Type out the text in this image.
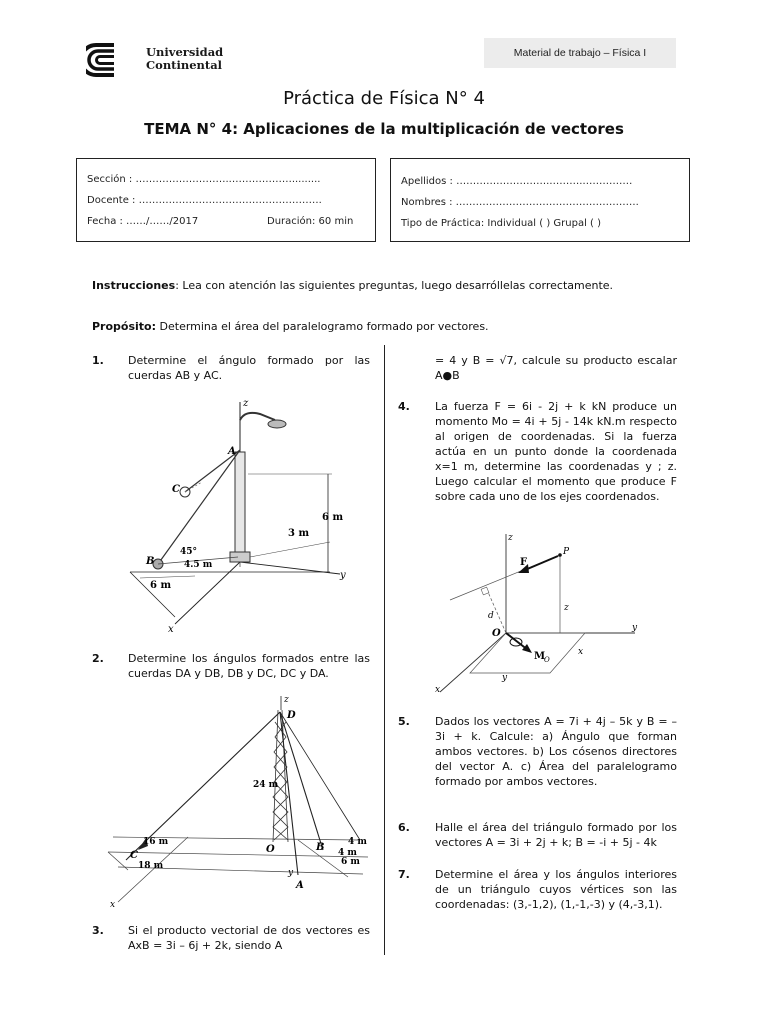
Universidad
Continental
Material de trabajo – Física I
Práctica de Física N° 4
TEMA N° 4: Aplicaciones de la multiplicación de vectores
Sección : ………………………..……………….........
Docente : ……………………………………………….
Fecha : ……/……/2017	Duración: 60 min
Apellidos : ……………………….……….……………
Nombres : ……………………………………………….
Tipo de Práctica: Individual ( ) Grupal ( )
Instrucciones: Lea con atención las siguientes preguntas, luego desarróllelas correctamente.
Propósito: Determina el área del paralelogramo formado por vectores.
1. Determine el ángulo formado por las cuerdas AB y AC.
z
y
x
6 m
3 m
6 m
4.5 m
45°
A
C
B
2. Determine los ángulos formados entre las cuerdas DA y DB, DB y DC, DC y DA.
x
y
z
D
24 m
16 m
18 m
4 m
6 m
4 m
C
O	B
A
3. Si el producto vectorial de dos vectores es AxB = 3i – 6j + 2k, siendo A
= 4 y B = √7, calcule su producto escalar A●B
4. La fuerza F = 6i - 2j + k kN produce un momento Mo = 4i + 5j - 14k kN.m respecto al origen de coordenadas. Si la fuerza actúa en un punto donde la coordenada x=1 m, determine las coordenadas y ; z. Luego calcular el momento que produce F sobre cada uno de los ejes coordenados.
z
y
x
z
x
y
d
F
P
O
M
O
5. Dados los vectores A = 7i + 4j – 5k y B = – 3i + k. Calcule: a) Ángulo que forman ambos vectores. b) Los cósenos directores del vector A. c) Área del paralelogramo formado por ambos vectores.
6. Halle el área del triángulo formado por los vectores A = 3i + 2j + k; B = -i + 5j - 4k
7. Determine el área y los ángulos interiores de un triángulo cuyos vértices son las coordenadas: (3,-1,2), (1,-1,-3) y (4,-3,1).
